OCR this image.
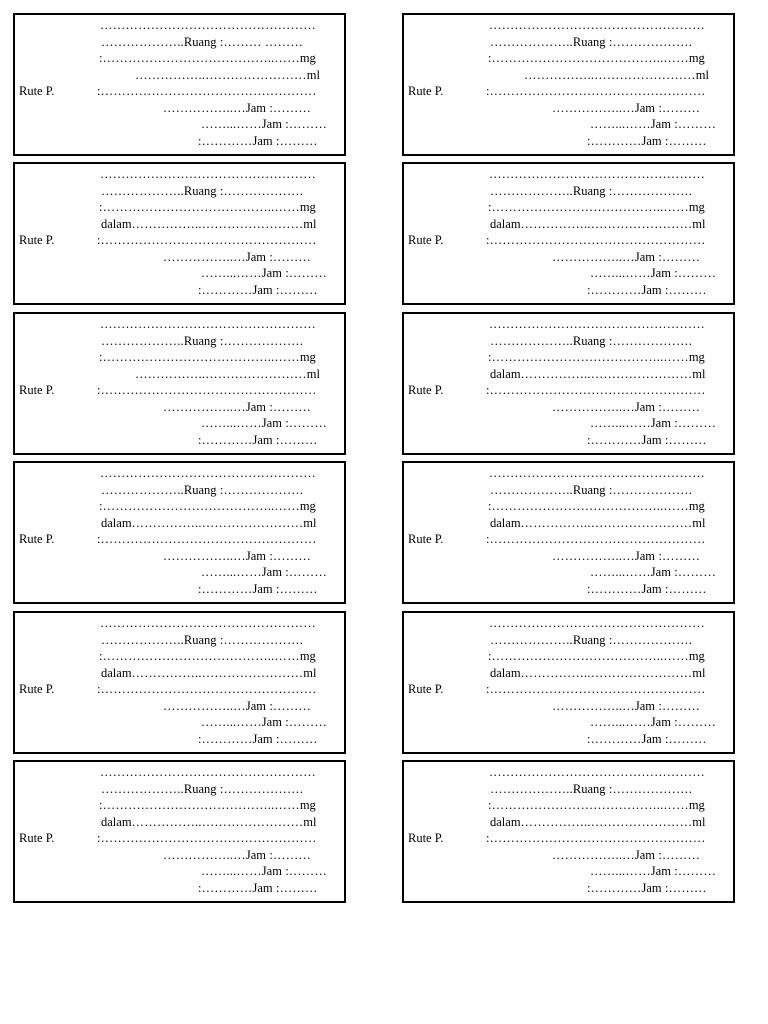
……………………………………………
………………..Ruang :……… ………
:…………………………………..……mg
……………..……………………ml
Rute P.	:……………………………………………
……………..…Jam :………
……...……Jam :………
:…………Jam :………
……………………………………………
………………..Ruang :……………….
:…………………………………..……mg
……………..……………………ml
Rute P.	:……………………………………………
……………..…Jam :………
……...……Jam :………
:…………Jam :………
……………………………………………
………………..Ruang :……………….
:…………………………………..……mg
dalam……………..……………………ml
Rute P.	:……………………………………………
……………..…Jam :………
……...……Jam :………
:…………Jam :………
……………………………………………
………………..Ruang :……………….
:…………………………………..……mg
dalam……………..……………………ml
Rute P.	:……………………………………………
……………..…Jam :………
……...……Jam :………
:…………Jam :………
……………………………………………
………………..Ruang :……………….
:…………………………………..……mg
……………..……………………ml
Rute P.	:……………………………………………
……………..…Jam :………
……...……Jam :………
:…………Jam :………
……………………………………………
………………..Ruang :……………….
:…………………………………..……mg
dalam……………..……………………ml
Rute P.	:……………………………………………
……………..…Jam :………
……...……Jam :………
:…………Jam :………
……………………………………………
………………..Ruang :……………….
:…………………………………..……mg
dalam……………..……………………ml
Rute P.	:……………………………………………
……………..…Jam :………
……...……Jam :………
:…………Jam :………
……………………………………………
………………..Ruang :……………….
:…………………………………..……mg
dalam……………..……………………ml
Rute P.	:……………………………………………
……………..…Jam :………
……...……Jam :………
:…………Jam :………
……………………………………………
………………..Ruang :……………….
:…………………………………..……mg
dalam……………..……………………ml
Rute P.	:……………………………………………
……………..…Jam :………
……...……Jam :………
:…………Jam :………
……………………………………………
………………..Ruang :……………….
:…………………………………..……mg
dalam……………..……………………ml
Rute P.	:……………………………………………
……………..…Jam :………
……...……Jam :………
:…………Jam :………
……………………………………………
………………..Ruang :……………….
:…………………………………..……mg
dalam……………..……………………ml
Rute P.	:……………………………………………
……………..…Jam :………
……...……Jam :………
:…………Jam :………
……………………………………………
………………..Ruang :……………….
:…………………………………..……mg
dalam……………..……………………ml
Rute P.	:……………………………………………
……………..…Jam :………
……...……Jam :………
:…………Jam :………
